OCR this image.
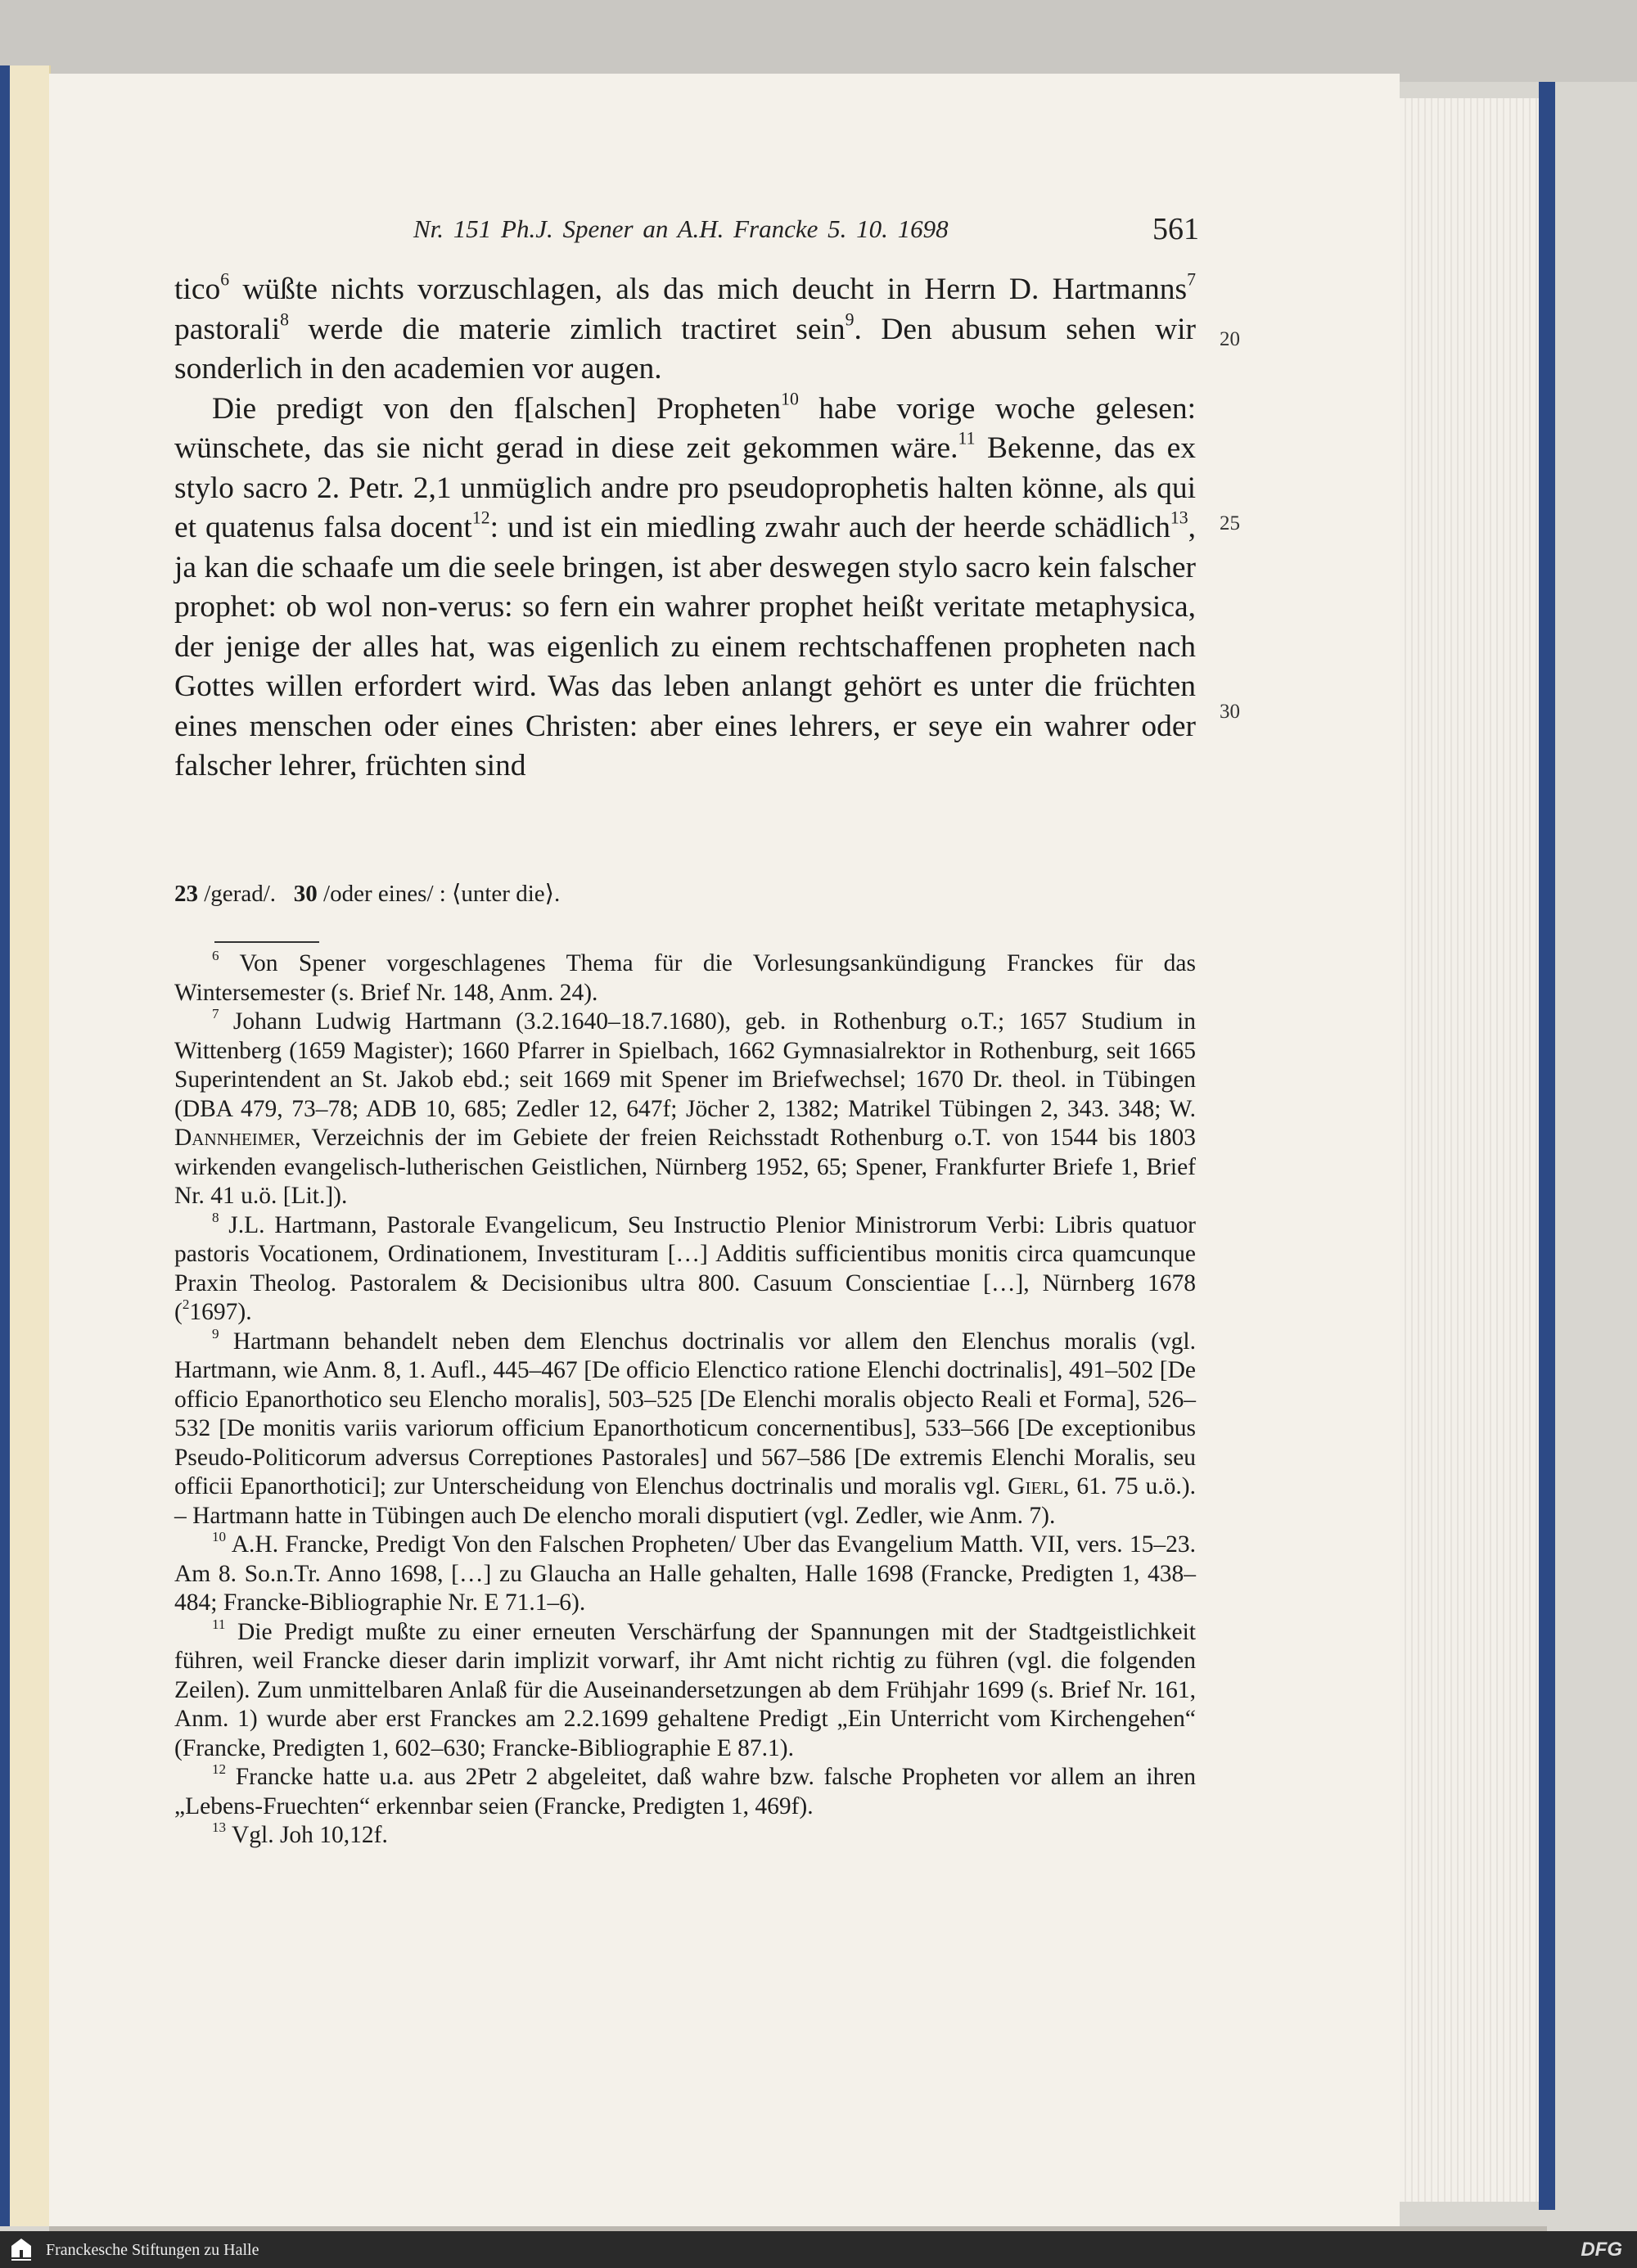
Nr. 151 Ph.J. Spener an A.H. Francke 5. 10. 1698	561

tico$^6$ wüßte nichts vorzuschlagen, als das mich deucht in Herrn D. Hartmanns$^7$ pastorali$^8$ werde die materie zimlich tractiret sein$^9$. Den abusum sehen wir sonderlich in den academien vor augen.

Die predigt von den f[alschen] Propheten$^{10}$ habe vorige woche gelesen: wünschete, das sie nicht gerad in diese zeit gekommen wäre.$^{11}$ Bekenne, das ex stylo sacro 2. Petr. 2,1 unmüglich andre pro pseudoprophetis halten könne, als qui et quatenus falsa docent$^{12}$: und ist ein miedling zwahr auch der heerde schädlich$^{13}$, ja kan die schaafe um die seele bringen, ist aber deswegen stylo sacro kein falscher prophet: ob wol non-verus: so fern ein wahrer prophet heißt veritate metaphysica, der jenige der alles hat, was eigenlich zu einem rechtschaffenen propheten nach Gottes willen erfordert wird. Was das leben anlangt gehört es unter die früchten eines menschen oder eines Christen: aber eines lehrers, er seye ein wahrer oder falscher lehrer, früchten sind

20
25
30
23 /gerad/.   30 /oder eines/ : ⟨unter die⟩.

$^6$ Von Spener vorgeschlagenes Thema für die Vorlesungsankündigung Franckes für das Wintersemester (s. Brief Nr. 148, Anm. 24).

$^7$ Johann Ludwig Hartmann (3.2.1640–18.7.1680), geb. in Rothenburg o.T.; 1657 Studium in Wittenberg (1659 Magister); 1660 Pfarrer in Spielbach, 1662 Gymnasialrektor in Rothenburg, seit 1665 Superintendent an St. Jakob ebd.; seit 1669 mit Spener im Briefwechsel; 1670 Dr. theol. in Tübingen (DBA 479, 73–78; ADB 10, 685; Zedler 12, 647f; Jöcher 2, 1382; Matrikel Tübingen 2, 343. 348; W. Dannheimer, Verzeichnis der im Gebiete der freien Reichsstadt Rothenburg o.T. von 1544 bis 1803 wirkenden evangelisch-lutherischen Geistlichen, Nürnberg 1952, 65; Spener, Frankfurter Briefe 1, Brief Nr. 41 u.ö. [Lit.]).

$^8$ J.L. Hartmann, Pastorale Evangelicum, Seu Instructio Plenior Ministrorum Verbi: Libris quatuor pastoris Vocationem, Ordinationem, Investituram […] Additis sufficientibus monitis circa quamcunque Praxin Theolog. Pastoralem & Decisionibus ultra 800. Casuum Conscientiae […], Nürnberg 1678 ($^2$1697).

$^9$ Hartmann behandelt neben dem Elenchus doctrinalis vor allem den Elenchus moralis (vgl. Hartmann, wie Anm. 8, 1. Aufl., 445–467 [De officio Elenctico ratione Elenchi doctrinalis], 491–502 [De officio Epanorthotico seu Elencho moralis], 503–525 [De Elenchi moralis objecto Reali et Forma], 526–532 [De monitis variis variorum officium Epanorthoticum concernentibus], 533–566 [De exceptionibus Pseudo-Politicorum adversus Correptiones Pastorales] und 567–586 [De extremis Elenchi Moralis, seu officii Epanorthotici]; zur Unterscheidung von Elenchus doctrinalis und moralis vgl. Gierl, 61. 75 u.ö.). – Hartmann hatte in Tübingen auch De elencho morali disputiert (vgl. Zedler, wie Anm. 7).

$^{10}$ A.H. Francke, Predigt Von den Falschen Propheten/ Uber das Evangelium Matth. VII, vers. 15–23. Am 8. So.n.Tr. Anno 1698, […] zu Glaucha an Halle gehalten, Halle 1698 (Francke, Predigten 1, 438–484; Francke-Bibliographie Nr. E 71.1–6).

$^{11}$ Die Predigt mußte zu einer erneuten Verschärfung der Spannungen mit der Stadtgeistlichkeit führen, weil Francke dieser darin implizit vorwarf, ihr Amt nicht richtig zu führen (vgl. die folgenden Zeilen). Zum unmittelbaren Anlaß für die Auseinandersetzungen ab dem Frühjahr 1699 (s. Brief Nr. 161, Anm. 1) wurde aber erst Franckes am 2.2.1699 gehaltene Predigt „Ein Unterricht vom Kirchengehen“ (Francke, Predigten 1, 602–630; Francke-Bibliographie E 87.1).

$^{12}$ Francke hatte u.a. aus 2Petr 2 abgeleitet, daß wahre bzw. falsche Propheten vor allem an ihren „Lebens-Fruechten“ erkennbar seien (Francke, Predigten 1, 469f).

$^{13}$ Vgl. Joh 10,12f.

Franckesche Stiftungen zu Halle	DFG
